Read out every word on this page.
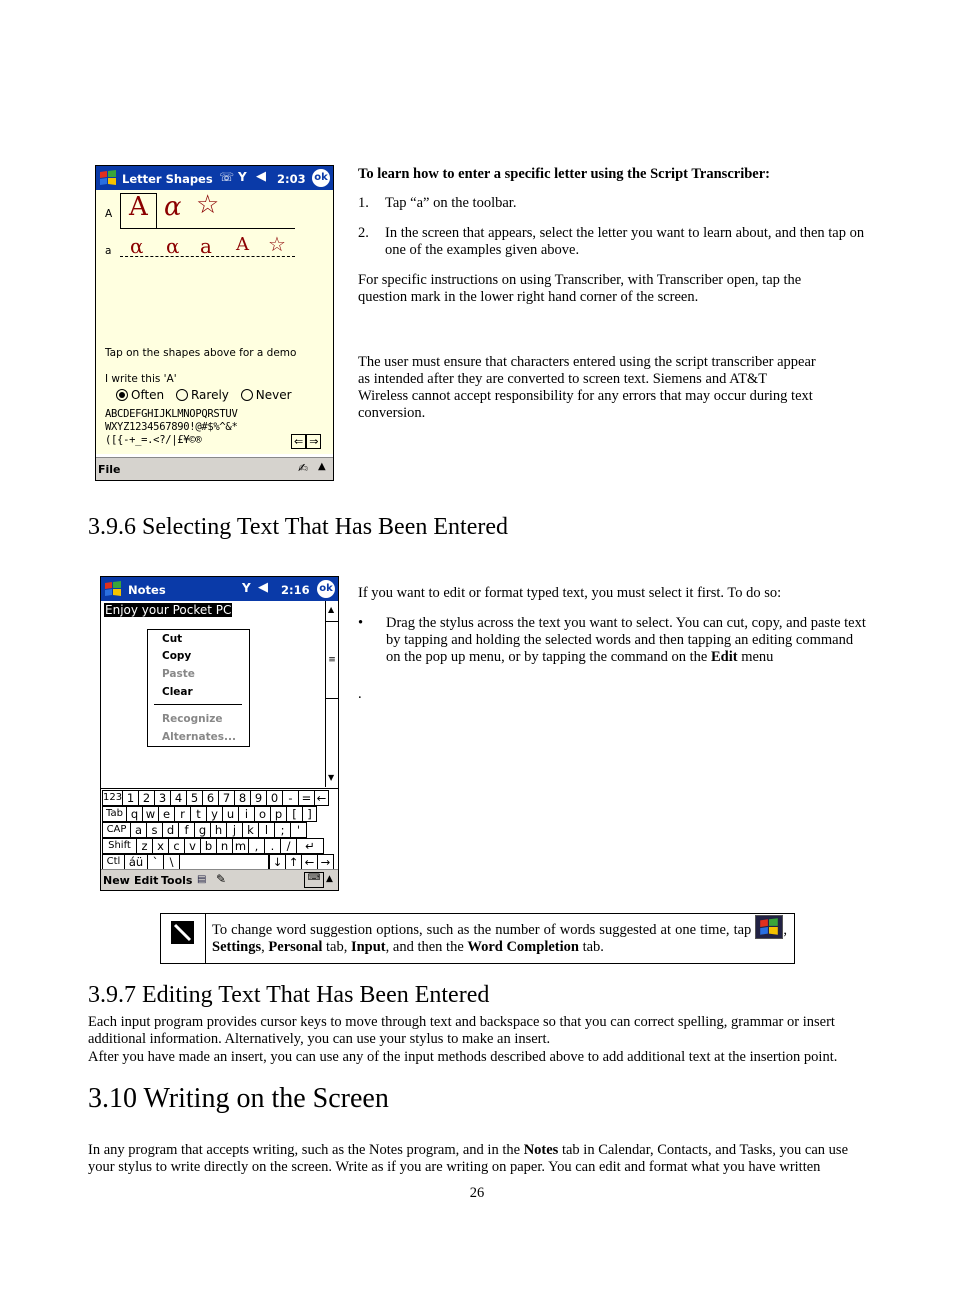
Letter Shapes ☏ Y ◀ 2:03 ok
A A α ☆
a α α a A ☆
Tap on the shapes above for a demo
I write this 'A'
Often Rarely Never
ABCDEFGHIJKLMNOPQRSTUV
WXYZ1234567890!@#$%^&*
([{-+_=.<?/|£¥©®	⇐ ⇒
File	✍ ▲
To learn how to enter a specific letter using the Script Transcriber:
1. Tap “a” on the toolbar.
2. In the screen that appears, select the letter you want to learn about, and then tap on one of the examples given above.
For specific instructions on using Transcriber, with Transcriber open, tap the question mark in the lower right hand corner of the screen.
The user must ensure that characters entered using the script transcriber appear as intended after they are converted to screen text. Siemens and AT&T Wireless cannot accept responsibility for any errors that may occur during text conversion.
3.9.6 Selecting Text That Has Been Entered
Notes	Y ◀ 2:16 ok
Enjoy your Pocket PC	▲
≡
▼
Cut
Copy
Paste
Clear
Recognize
Alternates...
123 1 2 3 4 5 6 7 8 9 0 - = ←
Tab q w e r t y u i o p [ ]
CAP a s d f g h j k l	;	'
Shift z x c v b n m ,	.	/	↵
Ctl áü ` \	↓ ↑ ← →
New Edit Tools ▤ ✎	⌨ ▲
If you want to edit or format typed text, you must select it first. To do so:
• Drag the stylus across the text you want to select. You can cut, copy, and paste text by tapping and holding the selected words and then tapping an editing command on the pop up menu, or by tapping the command on the Edit menu
.
To change word suggestion options, such as the number of words suggested at one time, tap , Settings, Personal tab, Input, and then the Word Completion tab.
3.9.7 Editing Text That Has Been Entered
Each input program provides cursor keys to move through text and backspace so that you can correct spelling, grammar or insert additional information. Alternatively, you can use your stylus to make an insert.
After you have made an insert, you can use any of the input methods described above to add additional text at the insertion point.
3.10 Writing on the Screen
In any program that accepts writing, such as the Notes program, and in the Notes tab in Calendar, Contacts, and Tasks, you can use your stylus to write directly on the screen. Write as if you are writing on paper. You can edit and format what you have written
26
